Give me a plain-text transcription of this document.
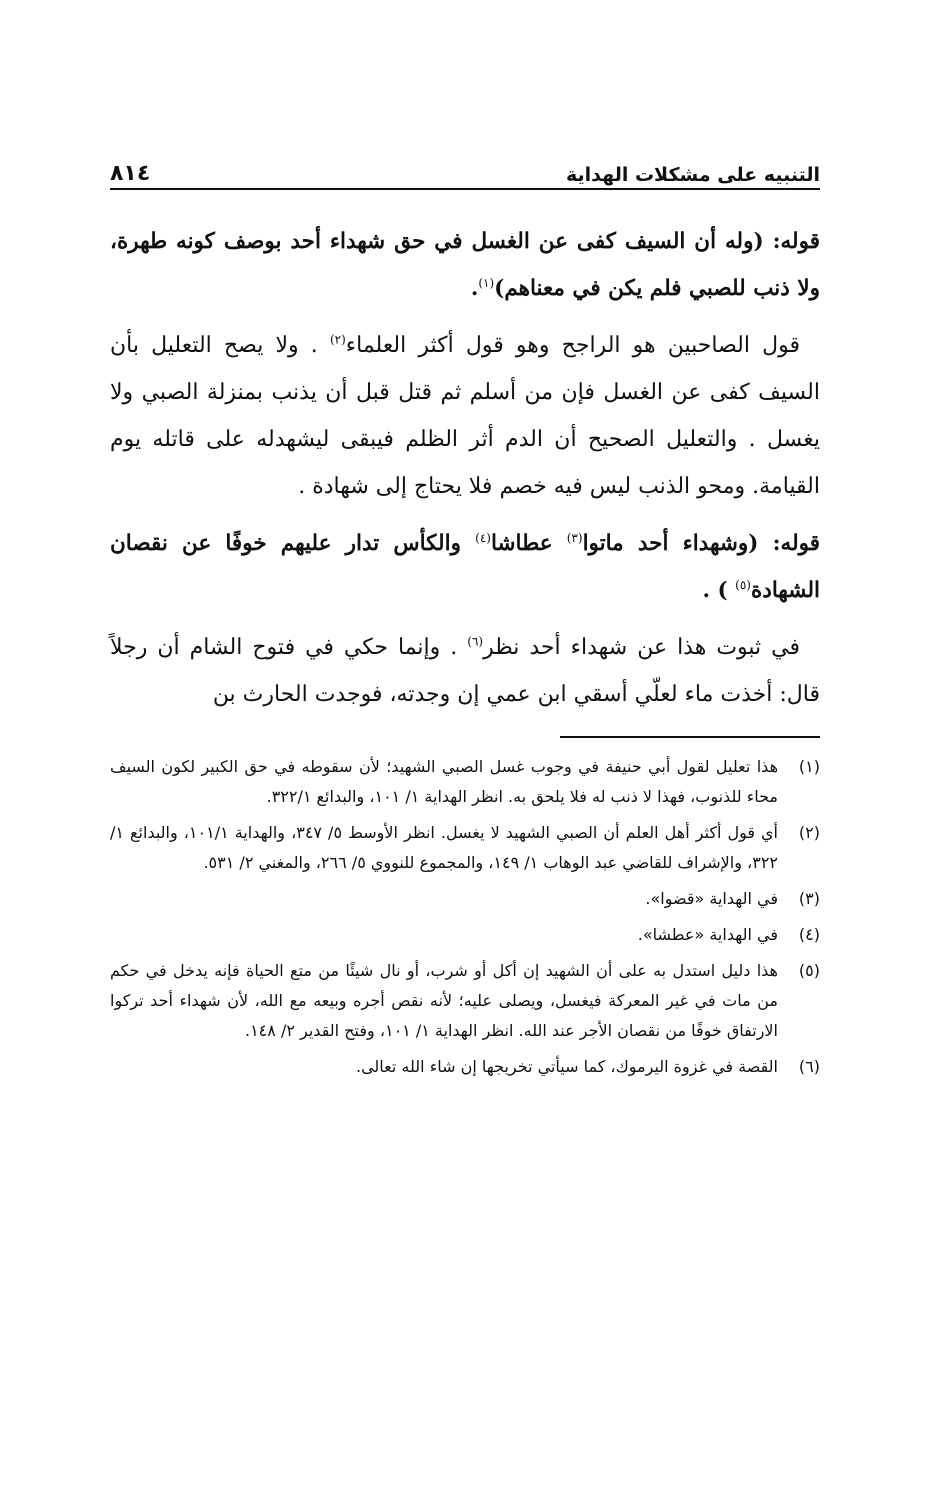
التنبيه على مشكلات الهداية
٨١٤

قوله: (وله أن السيف كفى عن الغسل في حق شهداء أحد بوصف كونه طهرة، ولا ذنب للصبي فلم يكن في معناهم)$^{(١)}$.

قول الصاحبين هو الراجح وهو قول أكثر العلماء$^{(٢)}$ . ولا يصح التعليل بأن السيف كفى عن الغسل فإن من أسلم ثم قتل قبل أن يذنب بمنزلة الصبي ولا يغسل . والتعليل الصحيح أن الدم أثر الظلم فيبقى ليشهدله على قاتله يوم القيامة. ومحو الذنب ليس فيه خصم فلا يحتاج إلى شهادة .

قوله: (وشهداء أحد ماتوا$^{(٣)}$ عطاشا$^{(٤)}$ والكأس تدار عليهم خوفًا عن نقصان الشهادة$^{(٥)}$ ) .

في ثبوت هذا عن شهداء أحد نظر$^{(٦)}$ . وإنما حكي في فتوح الشام أن رجلاً قال: أخذت ماء لعلّي أسقي ابن عمي إن وجدته، فوجدت الحارث بن

(١)
هذا تعليل لقول أبي حنيفة في وجوب غسل الصبي الشهيد؛ لأن سقوطه في حق الكبير لكون السيف محاء للذنوب، فهذا لا ذنب له فلا يلحق به. انظر الهداية ١/ ١٠١، والبدائع ٣٢٢/١.
(٢)
أي قول أكثر أهل العلم أن الصبي الشهيد لا يغسل. انظر الأوسط ٥/ ٣٤٧، والهداية ١٠١/١، والبدائع ١/ ٣٢٢، والإشراف للقاضي عبد الوهاب ١/ ١٤٩، والمجموع للنووي ٥/ ٢٦٦، والمغني ٢/ ٥٣١.
(٣)
في الهداية «قضوا».
(٤)
في الهداية «عطشا».
(٥)
هذا دليل استدل به على أن الشهيد إن أكل أو شرب، أو نال شيئًا من متع الحياة فإنه يدخل في حكم من مات في غير المعركة فيغسل، ويصلى عليه؛ لأنه نقص أجره وبيعه مع الله، لأن شهداء أحد تركوا الارتفاق خوفًا من نقصان الأجر عند الله. انظر الهداية ١/ ١٠١، وفتح القدير ٢/ ١٤٨.
(٦)
القصة في غزوة اليرموك، كما سيأتي تخريجها إن شاء الله تعالى.
